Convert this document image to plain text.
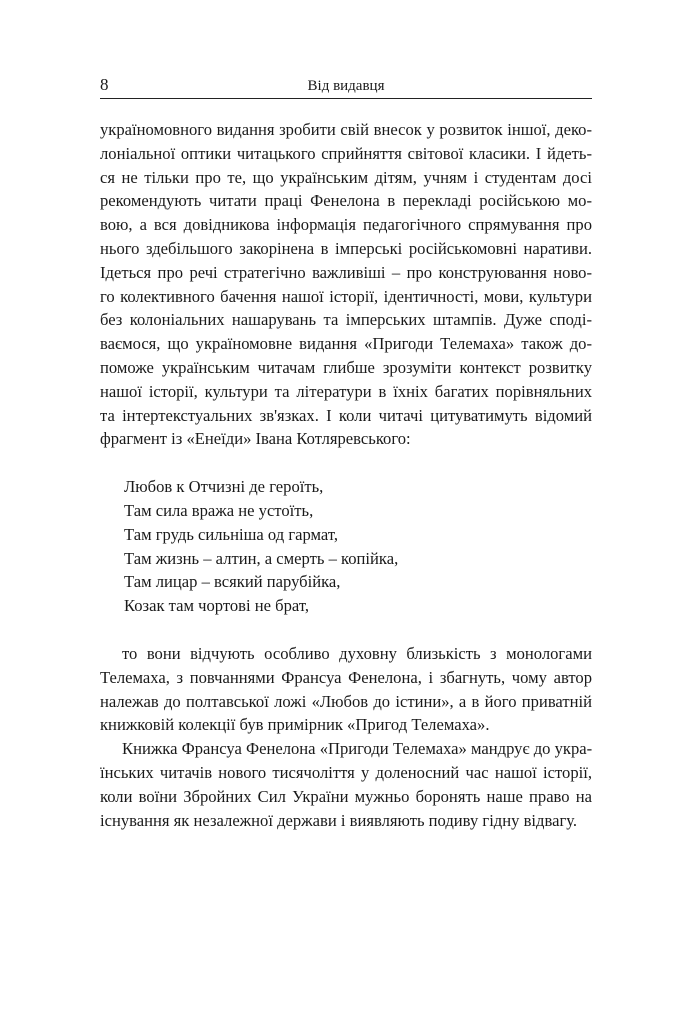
8	Від видавця
україномовного видання зробити свій внесок у розвиток іншої, деко-
лоніальної оптики читацького сприйняття світової класики. І йдеть-
ся не тільки про те, що українським дітям, учням і студентам досі
рекомендують читати праці Фенелона в перекладі російською мо-
вою, а вся довідникова інформація педагогічного спрямування про
нього здебільшого закорінена в імперські російськомовні наративи.
Ідеться про речі стратегічно важливіші – про конструювання ново-
го колективного бачення нашої історії, ідентичності, мови, культури
без колоніальних нашарувань та імперських штампів. Дуже споді-
ваємося, що україномовне видання «Пригоди Телемаха» також до-
поможе українським читачам глибше зрозуміти контекст розвитку
нашої історії, культури та літератури в їхніх багатих порівняльних
та інтертекстуальних зв'язках. І коли читачі цитуватимуть відомий
фрагмент із «Енеїди» Івана Котляревського:
Любов к Отчизні де героїть,
Там сила вража не устоїть,
Там грудь сильніша од гармат,
Там жизнь – алтин, а смерть – копійка,
Там лицар – всякий парубійка,
Козак там чортові не брат,
то вони відчують особливо духовну близькість з монологами
Телемаха, з повчаннями Франсуа Фенелона, і збагнуть, чому автор
належав до полтавської ложі «Любов до істини», а в його приватній
книжковій колекції був примірник «Пригод Телемаха».
Книжка Франсуа Фенелона «Пригоди Телемаха» мандрує до укра-
їнських читачів нового тисячоліття у доленосний час нашої історії,
коли воїни Збройних Сил України мужньо боронять наше право на
існування як незалежної держави і виявляють подиву гідну відвагу.
